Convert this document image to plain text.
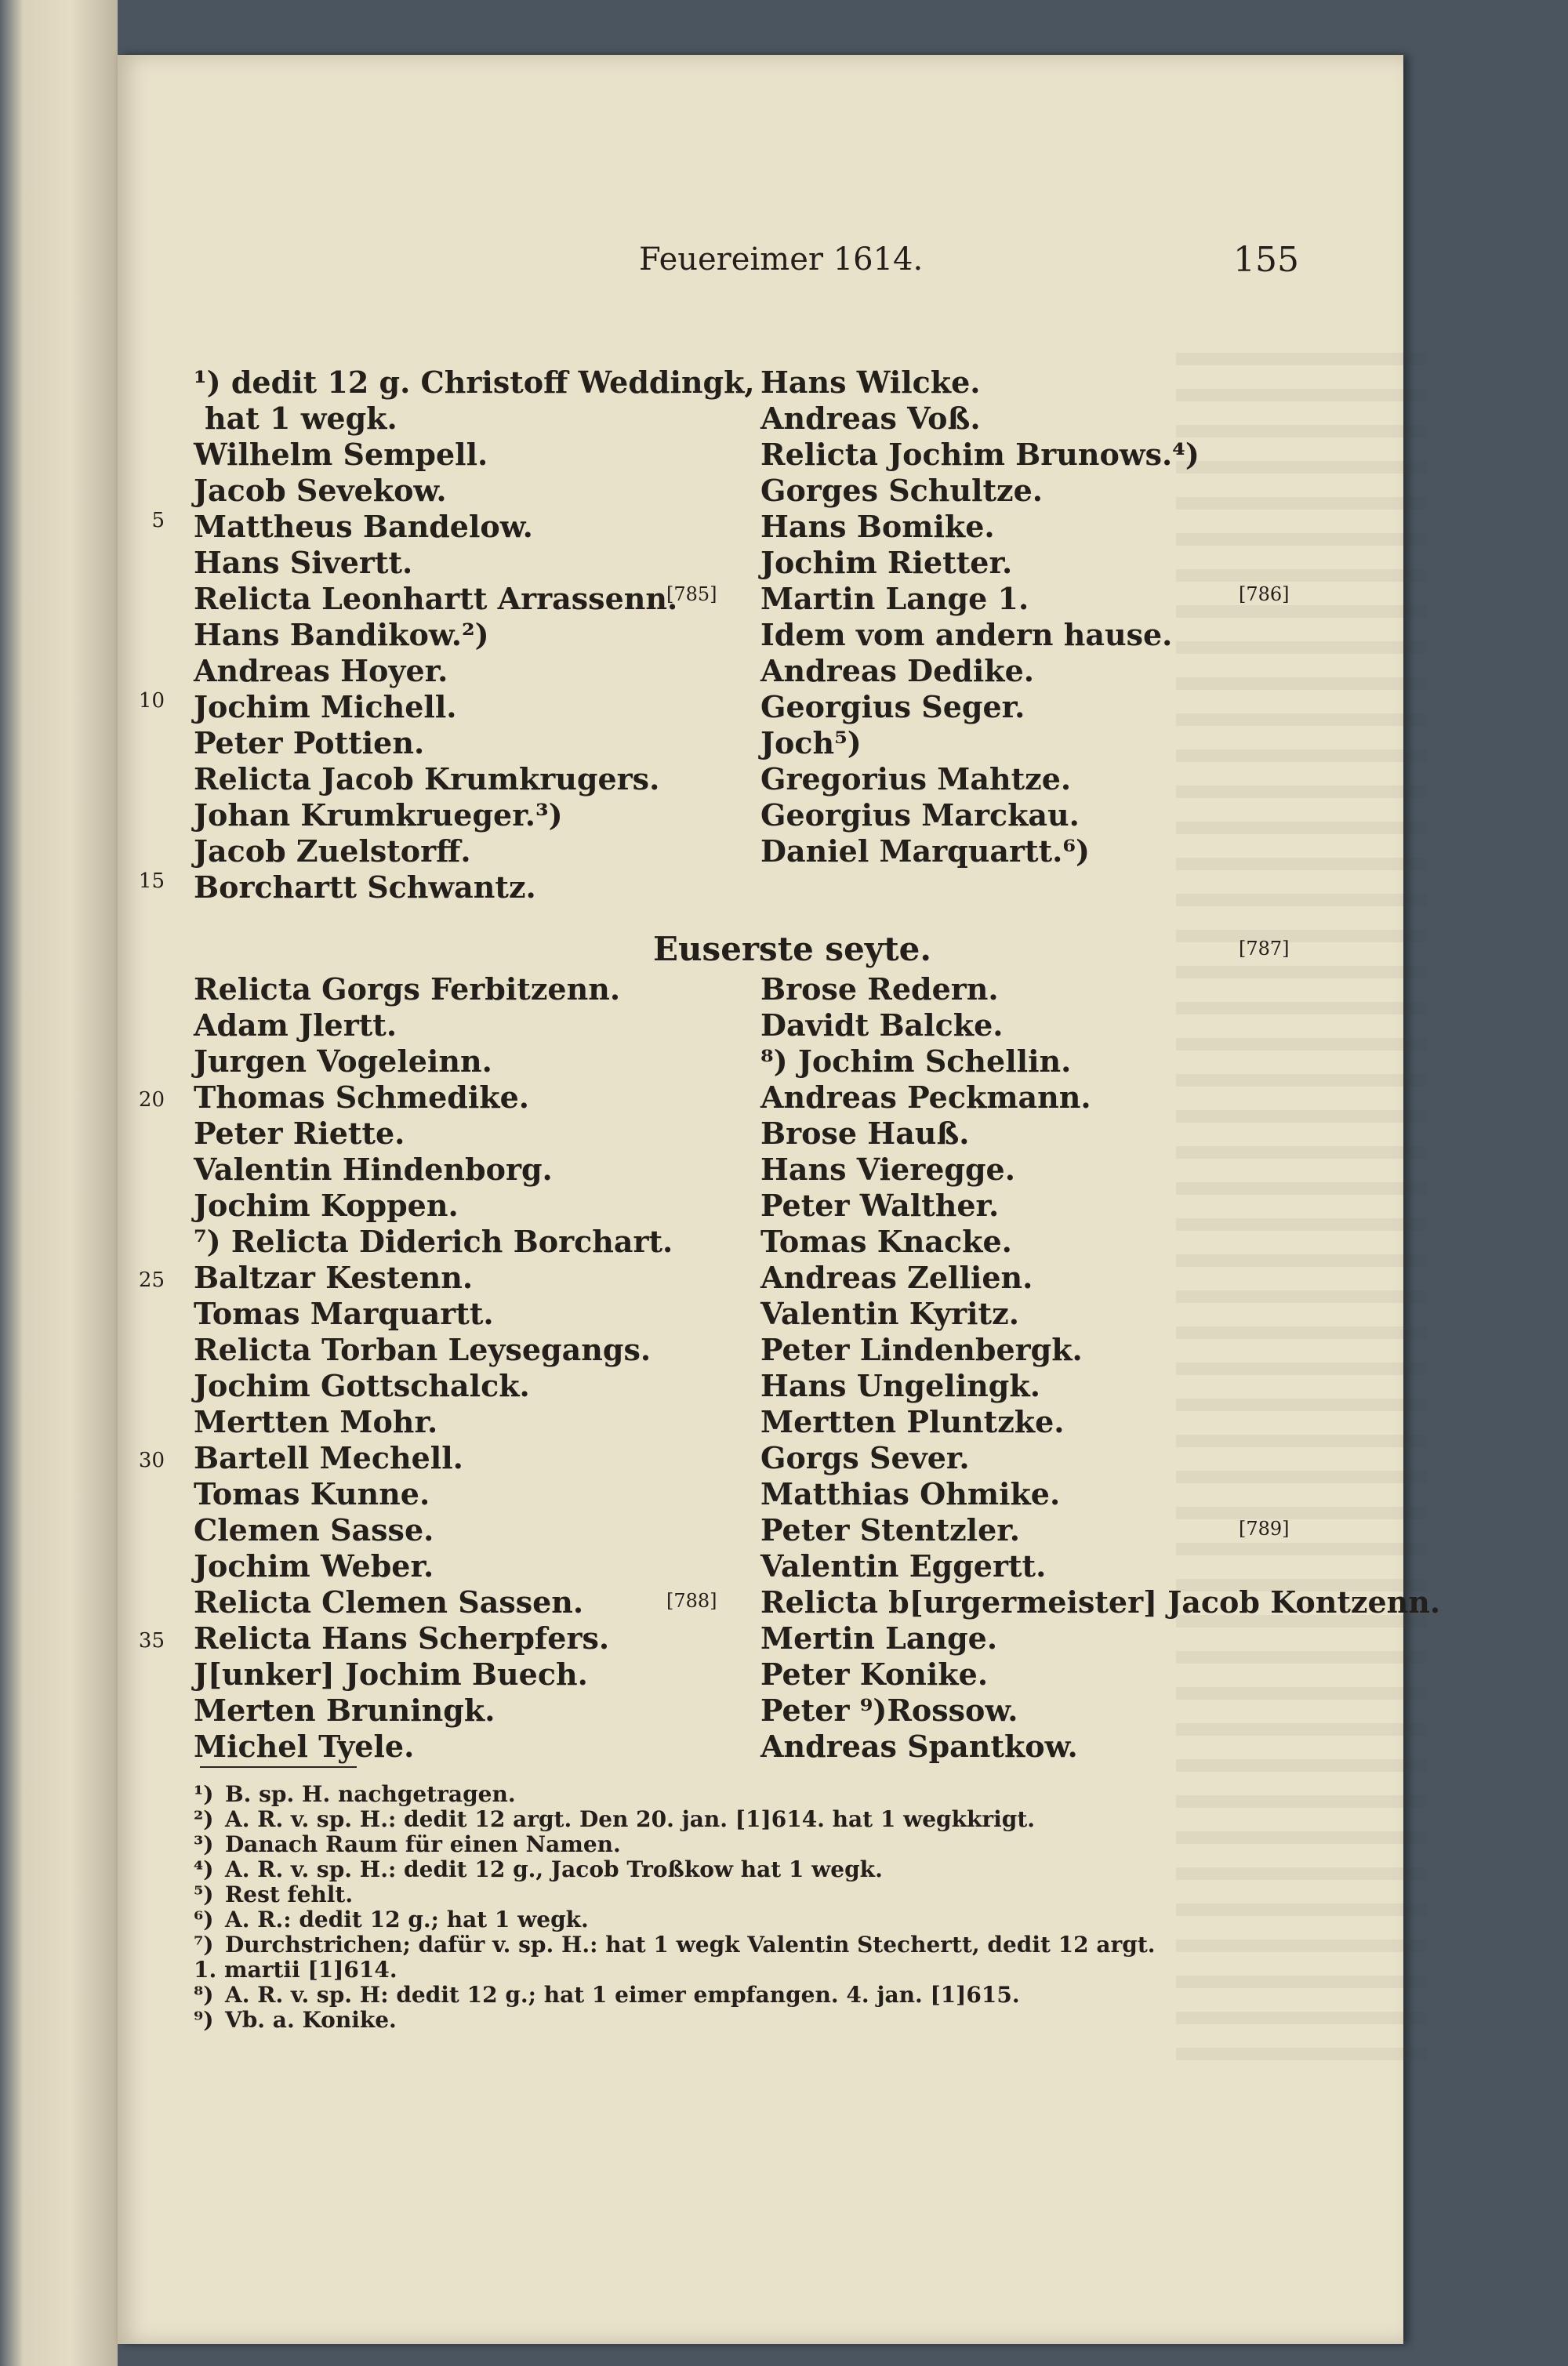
Feuereimer 1614.	155
¹) dedit 12 g. Christoff Weddingk,
hat 1 wegk.
Wilhelm Sempell.
Jacob Sevekow.
Mattheus Bandelow.
Hans Sivertt.
Relicta Leonhartt Arrassenn.
Hans Bandikow.²)
Andreas Hoyer.
Jochim Michell.
Peter Pottien.
Relicta Jacob Krumkrugers.
Johan Krumkrueger.³)
Jacob Zuelstorff.
Borchartt Schwantz.
Hans Wilcke.
Andreas Voß.
Relicta Jochim Brunows.⁴)
Gorges Schultze.
Hans Bomike.
Jochim Rietter.
Martin Lange 1.
Idem vom andern hause.
Andreas Dedike.
Georgius Seger.
Joch⁵)
Gregorius Mahtze.
Georgius Marckau.
Daniel Marquartt.⁶)
5
10
15
20
25
30
35
[785]	[786]
[787]
[788]
[789]
Euserste seyte.
Relicta Gorgs Ferbitzenn.
Adam Jlertt.
Jurgen Vogeleinn.
Thomas Schmedike.
Peter Riette.
Valentin Hindenborg.
Jochim Koppen.
⁷) Relicta Diderich Borchart.
Baltzar Kestenn.
Tomas Marquartt.
Relicta Torban Leysegangs.
Jochim Gottschalck.
Mertten Mohr.
Bartell Mechell.
Tomas Kunne.
Clemen Sasse.
Jochim Weber.
Relicta Clemen Sassen.
Relicta Hans Scherpfers.
J[unker] Jochim Buech.
Merten Bruningk.
Michel Tyele.
Brose Redern.
Davidt Balcke.
⁸) Jochim Schellin.
Andreas Peckmann.
Brose Hauß.
Hans Vieregge.
Peter Walther.
Tomas Knacke.
Andreas Zellien.
Valentin Kyritz.
Peter Lindenbergk.
Hans Ungelingk.
Mertten Pluntzke.
Gorgs Sever.
Matthias Ohmike.
Peter Stentzler.
Valentin Eggertt.
Relicta b[urgermeister] Jacob Kontzenn.
Mertin Lange.
Peter Konike.
Peter ⁹)Rossow.
Andreas Spantkow.
¹) B. sp. H. nachgetragen.
²) A. R. v. sp. H.: dedit 12 argt. Den 20. jan. [1]614. hat 1 wegkkrigt.
³) Danach Raum für einen Namen.
⁴) A. R. v. sp. H.: dedit 12 g., Jacob Troßkow hat 1 wegk.
⁵) Rest fehlt.
⁶) A. R.: dedit 12 g.; hat 1 wegk.
⁷) Durchstrichen; dafür v. sp. H.: hat 1 wegk Valentin Stechertt, dedit 12 argt.
1. martii [1]614.
⁸) A. R. v. sp. H: dedit 12 g.; hat 1 eimer empfangen. 4. jan. [1]615.
⁹) Vb. a. Konike.
